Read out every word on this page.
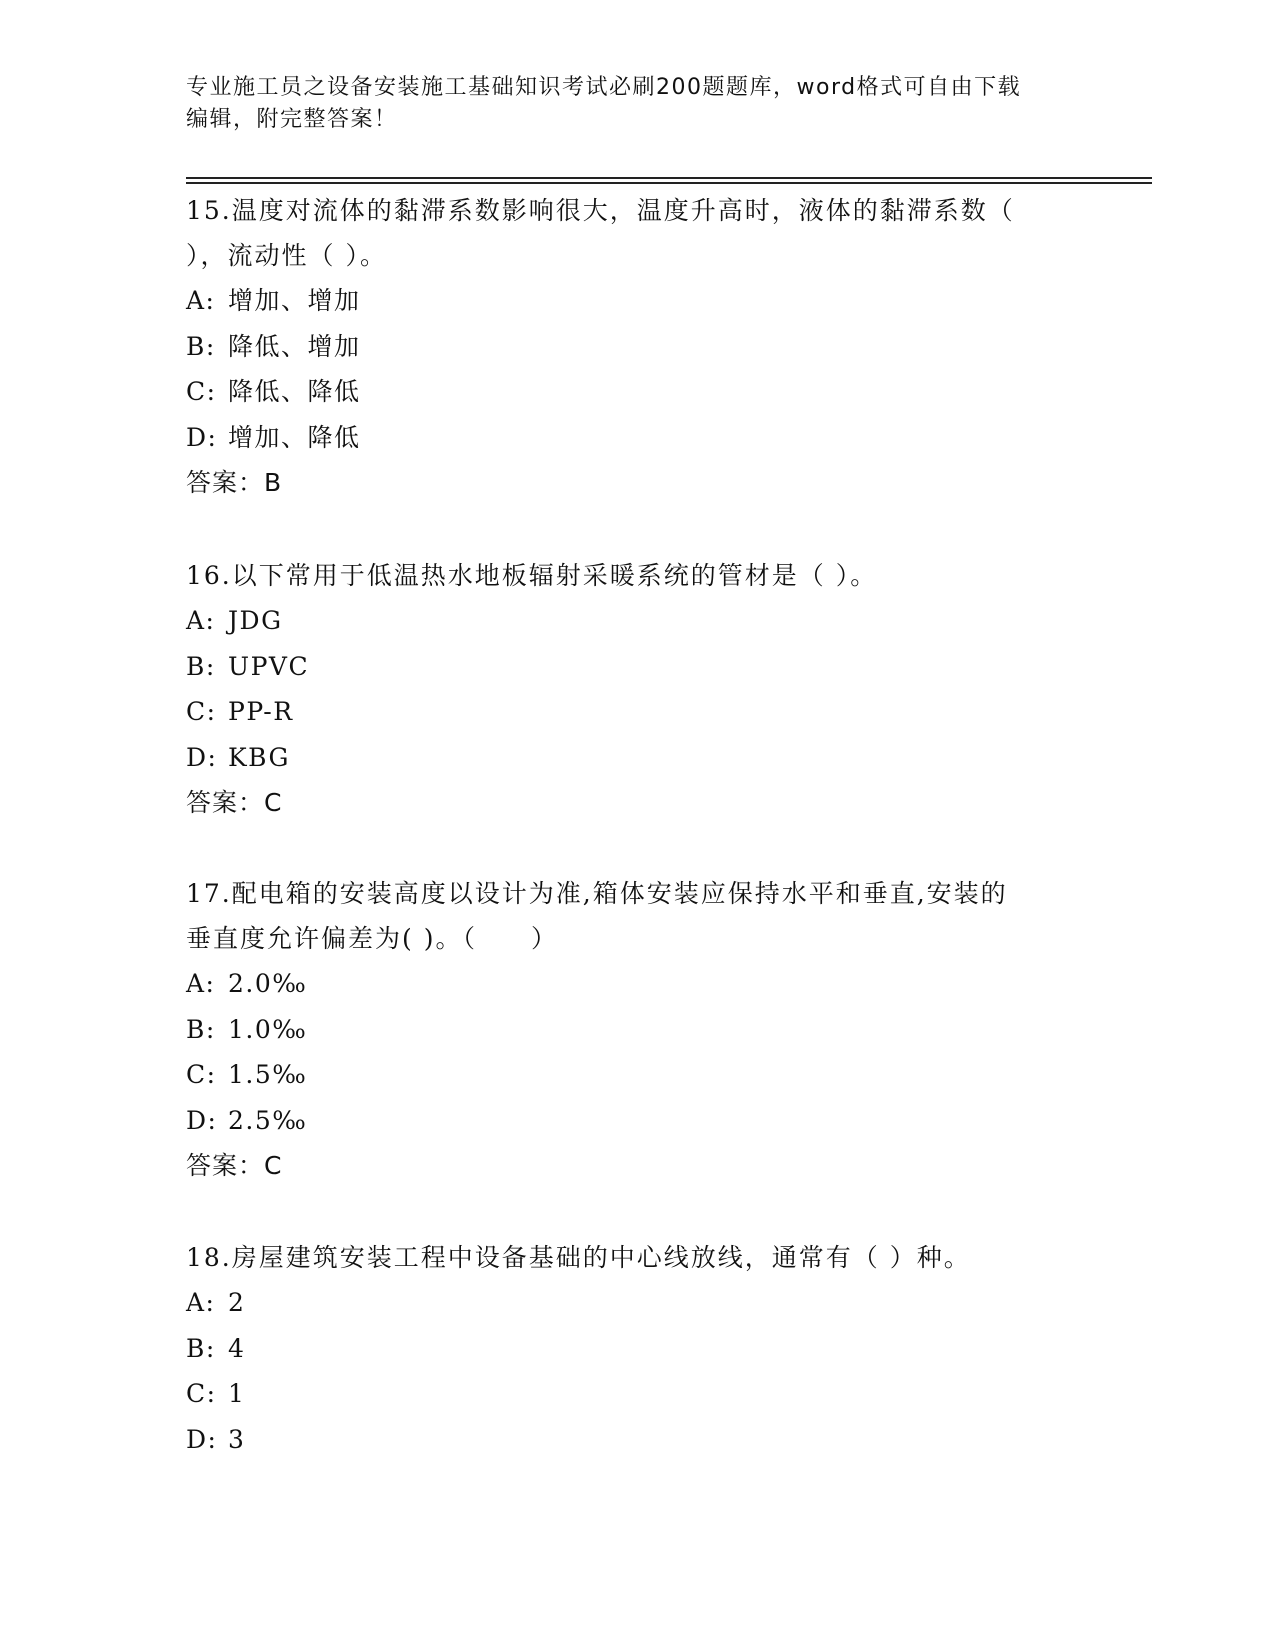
专业施工员之设备安装施工基础知识考试必刷200题题库，word格式可自由下载
编辑，附完整答案！

15.温度对流体的黏滞系数影响很大，温度升高时，液体的黏滞系数（

），流动性（ ）。

A: 增加、增加

B: 降低、增加

C: 降低、降低

D: 增加、降低

答案：B

16.以下常用于低温热水地板辐射采暖系统的管材是（ ）。

A: JDG

B: UPVC

C: PP-R

D: KBG

答案：C

17.配电箱的安装高度以设计为准,箱体安装应保持水平和垂直,安装的

垂直度允许偏差为( )。（　　）

A: 2.0‰

B: 1.0‰

C: 1.5‰

D: 2.5‰

答案：C

18.房屋建筑安装工程中设备基础的中心线放线，通常有（ ）种。

A: 2

B: 4

C: 1

D: 3
